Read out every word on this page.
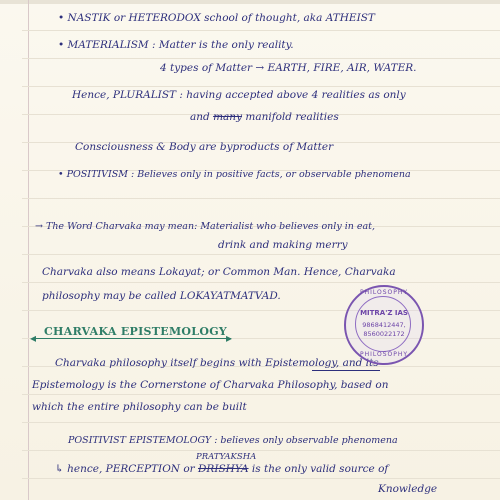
• NASTIK or HETERODOX school of thought, aka ATHEIST

• MATERIALISM : Matter is the only reality.

4 types of Matter → EARTH, FIRE, AIR, WATER.

Hence, PLURALIST : having accepted above 4 realities as only

and many manifold realities

Consciousness & Body are byproducts of Matter

• POSITIVISM : Believes only in positive facts, or observable phenomena

→ The Word Charvaka may mean: Materialist who believes only in eat,

drink and making merry

Charvaka also means Lokayat; or Common Man. Hence, Charvaka

philosophy may be called LOKAYATMATVAD.

◂	▸

CHARVAKA EPISTEMOLOGY

Charvaka philosophy itself begins with Epistemology, and its

Epistemology is the Cornerstone of Charvaka Philosophy, based on

which the entire philosophy can be built

POSITIVIST EPISTEMOLOGY : believes only observable phenomena

PRATYAKSHA

↳ hence, PERCEPTION or DRISHYA is the only valid source of

Knowledge

PHILOSOPHY
MITRA'Z IAS
9868412447,
8560022172
PHILOSOPHY
